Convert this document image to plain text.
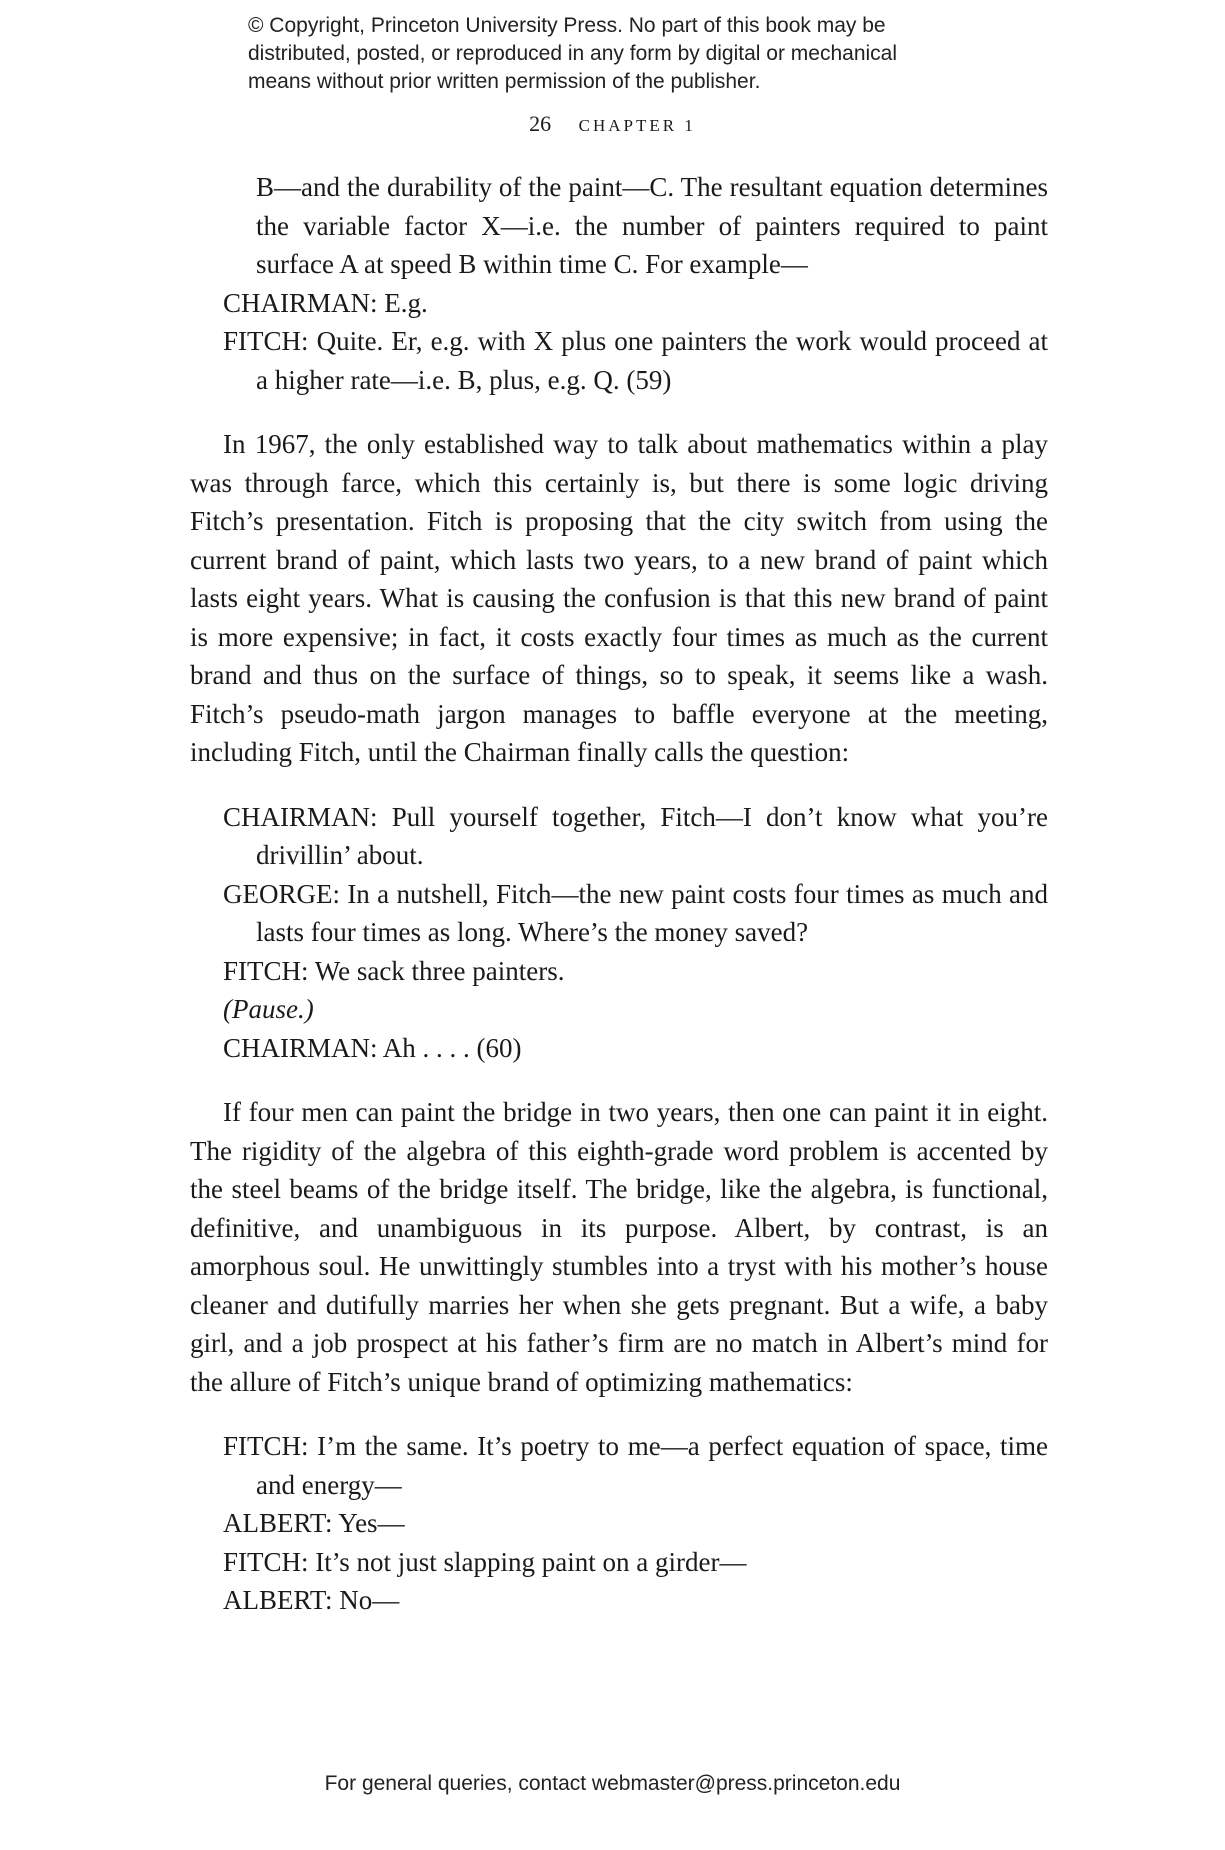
© Copyright, Princeton University Press. No part of this book may be
distributed, posted, or reproduced in any form by digital or mechanical
means without prior written permission of the publisher.
26 CHAPTER 1

B—and the durability of the paint—C. The resultant equation determines the variable factor X—i.e. the number of painters required to paint surface A at speed B within time C. For example—

CHAIRMAN: E.g.

FITCH: Quite. Er, e.g. with X plus one painters the work would proceed at a higher rate—i.e. B, plus, e.g. Q. (59)

In 1967, the only established way to talk about mathematics within a play was through farce, which this certainly is, but there is some logic driving Fitch’s presentation. Fitch is proposing that the city switch from using the current brand of paint, which lasts two years, to a new brand of paint which lasts eight years. What is causing the confusion is that this new brand of paint is more expensive; in fact, it costs exactly four times as much as the current brand and thus on the surface of things, so to speak, it seems like a wash. Fitch’s pseudo-math jargon manages to baffle everyone at the meeting, including Fitch, until the Chairman finally calls the question:

CHAIRMAN: Pull yourself together, Fitch—I don’t know what you’re drivillin’ about.

GEORGE: In a nutshell, Fitch—the new paint costs four times as much and lasts four times as long. Where’s the money saved?

FITCH: We sack three painters.

(Pause.)

CHAIRMAN: Ah . . . . (60)

If four men can paint the bridge in two years, then one can paint it in eight. The rigidity of the algebra of this eighth-grade word problem is accented by the steel beams of the bridge itself. The bridge, like the algebra, is functional, definitive, and unambiguous in its purpose. Albert, by contrast, is an amorphous soul. He unwittingly stumbles into a tryst with his mother’s house cleaner and dutifully marries her when she gets pregnant. But a wife, a baby girl, and a job prospect at his father’s firm are no match in Albert’s mind for the allure of Fitch’s unique brand of optimizing mathematics:

FITCH: I’m the same. It’s poetry to me—a perfect equation of space, time and energy—

ALBERT: Yes—

FITCH: It’s not just slapping paint on a girder—

ALBERT: No—

For general queries, contact webmaster@press.princeton.edu
